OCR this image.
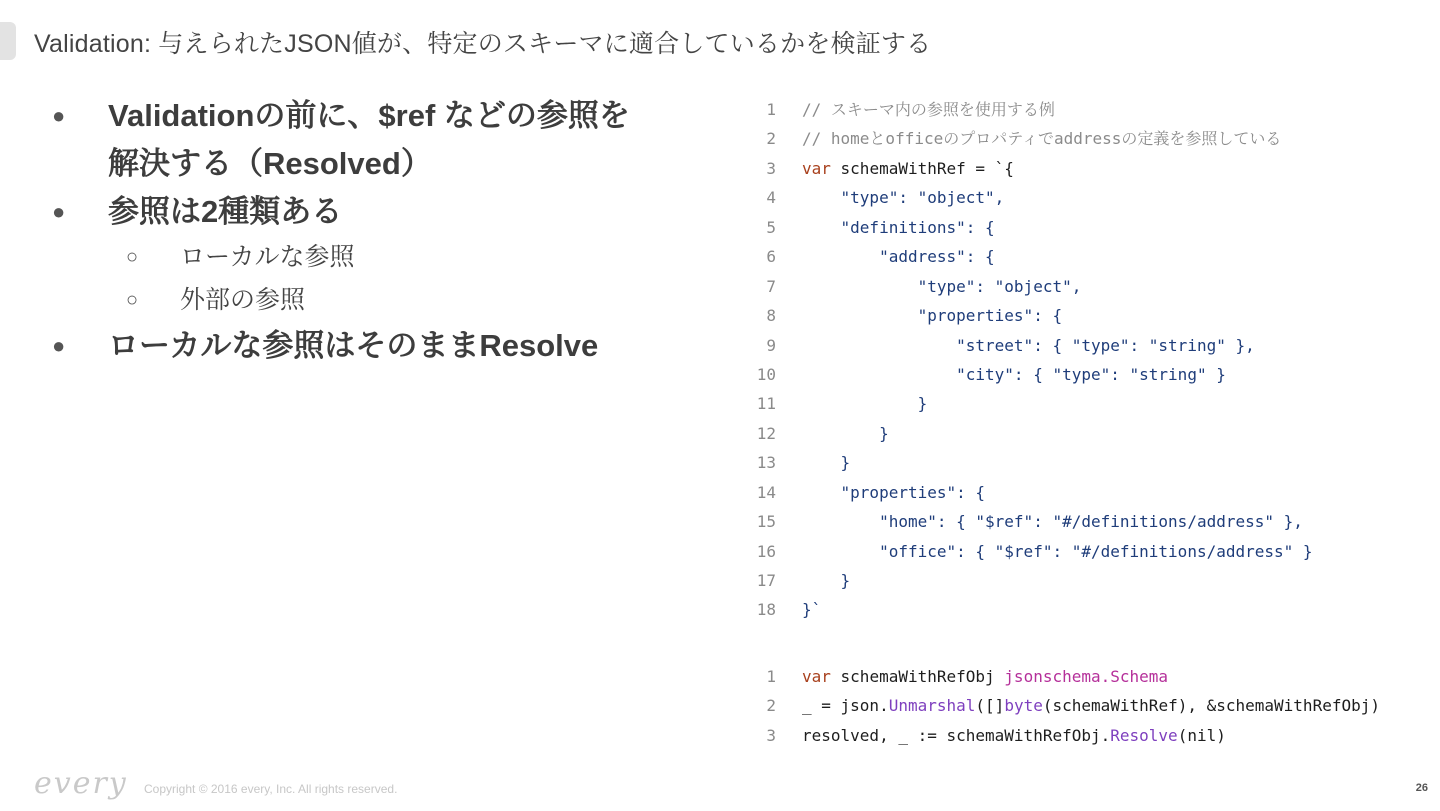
Validation: 与えられたJSON値が、特定のスキーマに適合しているかを検証する
● Validationの前に、$ref などの参照を
解決する（Resolved）
● 参照は2種類ある
○ ローカルな参照
○ 外部の参照
● ローカルな参照はそのままResolve
1 // スキーマ内の参照を使用する例
2 // homeとofficeのプロパティでaddressの定義を参照している
3 var schemaWithRef = `{
4 "type": "object",
5 "definitions": {
6 "address": {
7 "type": "object",
8 "properties": {
9 "street": { "type": "string" },
10 "city": { "type": "string" }
11 }
12 }
13 }
14 "properties": {
15 "home": { "$ref": "#/definitions/address" },
16 "office": { "$ref": "#/definitions/address" }
17 }
18 }`
1 var schemaWithRefObj jsonschema.Schema
2 _ = json. Unmarshal ([] byte (schemaWithRef), &schemaWithRefObj)
3 resolved, _ := schemaWithRefObj. Resolve (nil)
every Copyright © 2016 every, Inc. All rights reserved.	26
